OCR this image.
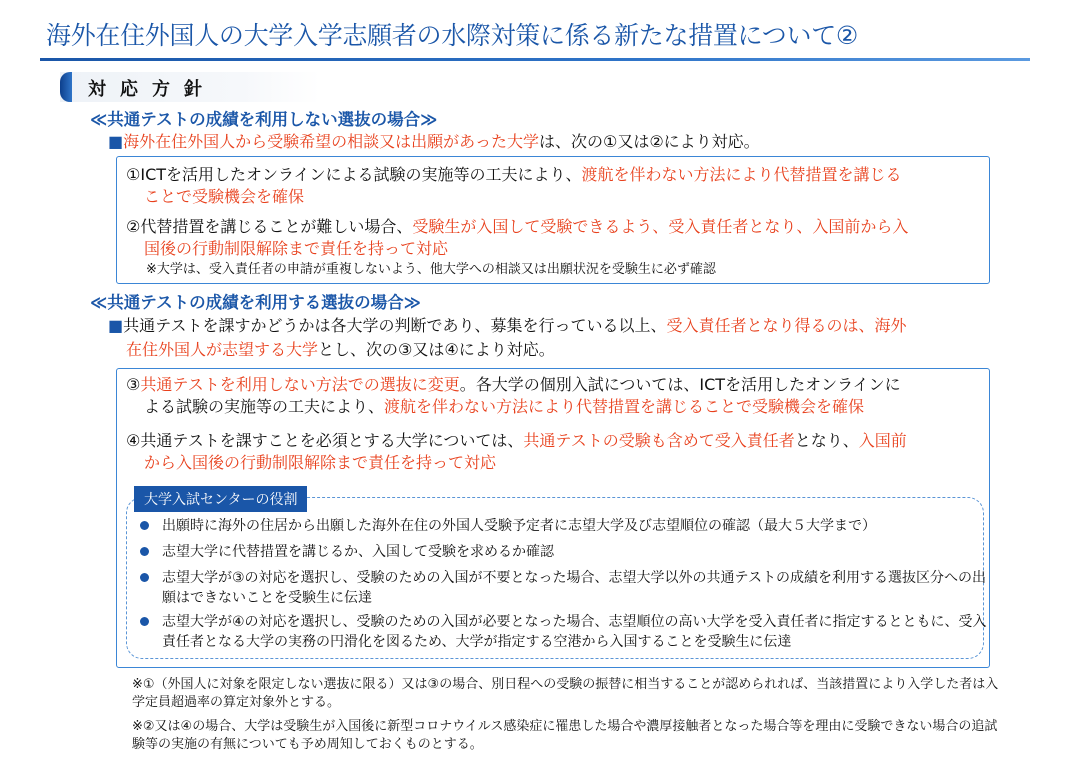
海外在住外国人の大学入学志願者の水際対策に係る新たな措置について②
対応方針
≪共通テストの成績を利用しない選抜の場合≫
■海外在住外国人から受験希望の相談又は出願があった大学は、次の①又は②により対応。
①ICTを活用したオンラインによる試験の実施等の工夫により、渡航を伴わない方法により代替措置を講じる
ことで受験機会を確保
②代替措置を講じることが難しい場合、受験生が入国して受験できるよう、受入責任者となり、入国前から入
国後の行動制限解除まで責任を持って対応
※大学は、受入責任者の申請が重複しないよう、他大学への相談又は出願状況を受験生に必ず確認
≪共通テストの成績を利用する選抜の場合≫
■共通テストを課すかどうかは各大学の判断であり、募集を行っている以上、受入責任者となり得るのは、海外
在住外国人が志望する大学とし、次の③又は④により対応。
③共通テストを利用しない方法での選抜に変更。各大学の個別入試については、ICTを活用したオンラインに
よる試験の実施等の工夫により、渡航を伴わない方法により代替措置を講じることで受験機会を確保
④共通テストを課すことを必須とする大学については、共通テストの受験も含めて受入責任者となり、入国前
から入国後の行動制限解除まで責任を持って対応
大学入試センターの役割
出願時に海外の住居から出願した海外在住の外国人受験予定者に志望大学及び志望順位の確認（最大５大学まで）
志望大学に代替措置を講じるか、入国して受験を求めるか確認
志望大学が③の対応を選択し、受験のための入国が不要となった場合、志望大学以外の共通テストの成績を利用する選抜区分への出願はできないことを受験生に伝達
志望大学が④の対応を選択し、受験のための入国が必要となった場合、志望順位の高い大学を受入責任者に指定するとともに、受入責任者となる大学の実務の円滑化を図るため、大学が指定する空港から入国することを受験生に伝達
※①（外国人に対象を限定しない選抜に限る）又は③の場合、別日程への受験の振替に相当することが認められれば、当該措置により入学した者は入学定員超過率の算定対象外とする。
※②又は④の場合、大学は受験生が入国後に新型コロナウイルス感染症に罹患した場合や濃厚接触者となった場合等を理由に受験できない場合の追試験等の実施の有無についても予め周知しておくものとする。
